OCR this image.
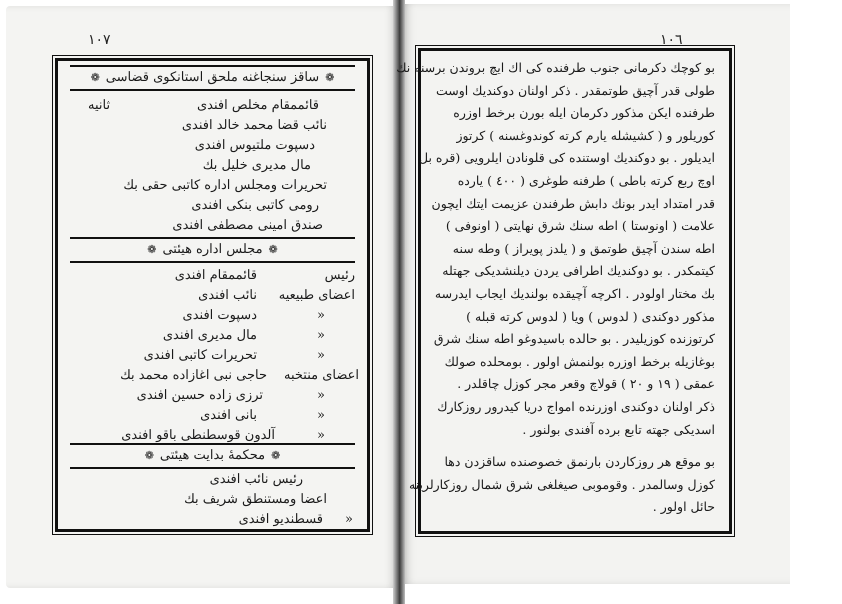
١٠٧	١٠٦
❁ساقز سنجاغنه ملحق استانكوى قضاسى❁
قائممقام مخلص افندى
ثانيه
نائب قضا محمد خالد افندى
دسپوت ملتيوس افندى
مال مديرى خليل بك
تحريرات ومجلس اداره كاتبى حقى بك
رومى كاتبى بنكى افندى
صندق امينى مصطفى افندى
❁مجلس اداره هيئتى❁
رئيس
قائممقام افندى
اعضاى طبيعيه
نائب افندى
«
دسپوت افندى
«
مال مديرى افندى
«
تحريرات كاتبى افندى
اعضاى منتخبه
حاجى نبى اغازاده محمد بك
«
ترزى زاده حسين افندى
«
بانى افندى
«
آلدون قوسطنطى باقو افندى
❁محكمهٔ بدايت هيئتى❁
رئيس نائب افندى
اعضا ومستنطق شريف بك
«
قسطنديو افندى
بو كوچك دكرمانى جنوب طرفنده كى اك ايچ بروندن برسنه نك
طولى قدر آچيق طوتمقدر . ذكر اولنان دوكنديك اوست
طرفنده ايكن مذكور دكرمان ايله بورن برخط اوزره
كوريلور و ( كشيشله يارم كرته كوندوغسنه ) كرتوز
ايديلور . بو دوكنديك اوستنده كى قلونادن ايلرويى (قره بل
اوچ ربع كرته باطى ) طرفنه طوغرى ( ٤٠٠ ) يارده
قدر امتداد ايدر بونك دابش طرفندن عزيمت ايتك ايچون
علامت ( اونوستا ) اطه سنك شرق نهايتى ( اونوفى )
اطه سندن آچيق طوتمق و ( يلدز پويراز ) وطه سنه
كيتمكدر . بو دوكنديك اطرافى يردن ديلنشديكى جهتله
بك مختار اولودر . اكرچه آچيقده بولنديك ايجاب ايدرسه
مذكور دوكندى ( لدوس ) ويا ( لدوس كرته قبله )
كرتوزنده كوزيليدر . بو حالده باسيدوغو اطه سنك شرق
بوغازيله برخط اوزره بولنمش اولور . بومحلده صولك
عمقى ( ١٩ و ٢٠ ) قولاچ وقعر مجر كوزل چاقلدر .
ذكر اولنان دوكندى اوزرنده امواج دريا كيدرور روزكارك
اسديكى جهته تابع برده آفندى بولنور .
بو موقع هر روزكاردن بارنمق خصوصنده ساقزدن دها
كوزل وسالمدر . وقوموبى صيغلغى شرق شمال روزكارلرينه
حائل اولور .
